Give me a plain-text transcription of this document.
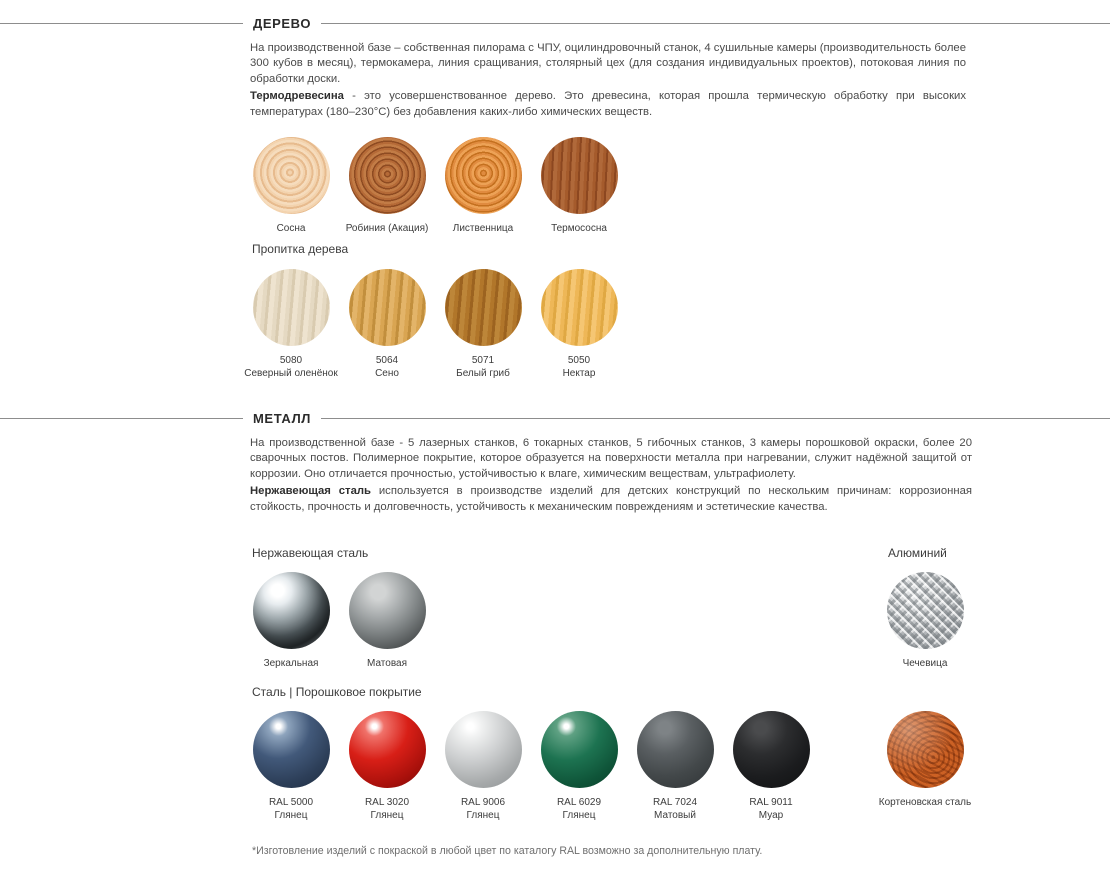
ДЕРЕВО

На производственной базе – собственная пилорама с ЧПУ, оцилиндровочный станок, 4 сушильные камеры (производительность более 300 кубов в месяц), термокамера, линия сращивания, столярный цех (для создания индивидуальных проектов), потоковая линия по обработки доски.

Термодревесина - это усовершенствованное дерево. Это древесина, которая прошла термическую обработку при высоких температурах (180–230°C) без добавления каких-либо химических веществ.

Сосна	Робиния (Акация)	Лиственница	Термососна
Пропитка дерева
5080
Северный оленёнок
5064
Сено
5071
Белый гриб
5050
Нектар
МЕТАЛЛ

На производственной базе - 5 лазерных станков, 6 токарных станков, 5 гибочных станков, 3 камеры порошковой окраски, более 20 сварочных постов. Полимерное покрытие, которое образуется на поверхности металла при нагревании, служит надёжной защитой от коррозии. Оно отличается прочностью, устойчивостью к влаге, химическим веществам, ультрафиолету.

Нержавеющая сталь используется в производстве изделий для детских конструкций по нескольким причинам: коррозионная стойкость, прочность и долговечность, устойчивость к механическим повреждениям и эстетические качества.

Нержавеющая сталь	Алюминий
Зеркальная	Матовая	Чечевица
Сталь | Порошковое покрытие
RAL 5000
Глянец
RAL 3020
Глянец
RAL 9006
Глянец
RAL 6029
Глянец
RAL 7024
Матовый
RAL 9011
Муар
Кортеновская сталь
*Изготовление изделий с покраской в любой цвет по каталогу RAL возможно за дополнительную плату.
